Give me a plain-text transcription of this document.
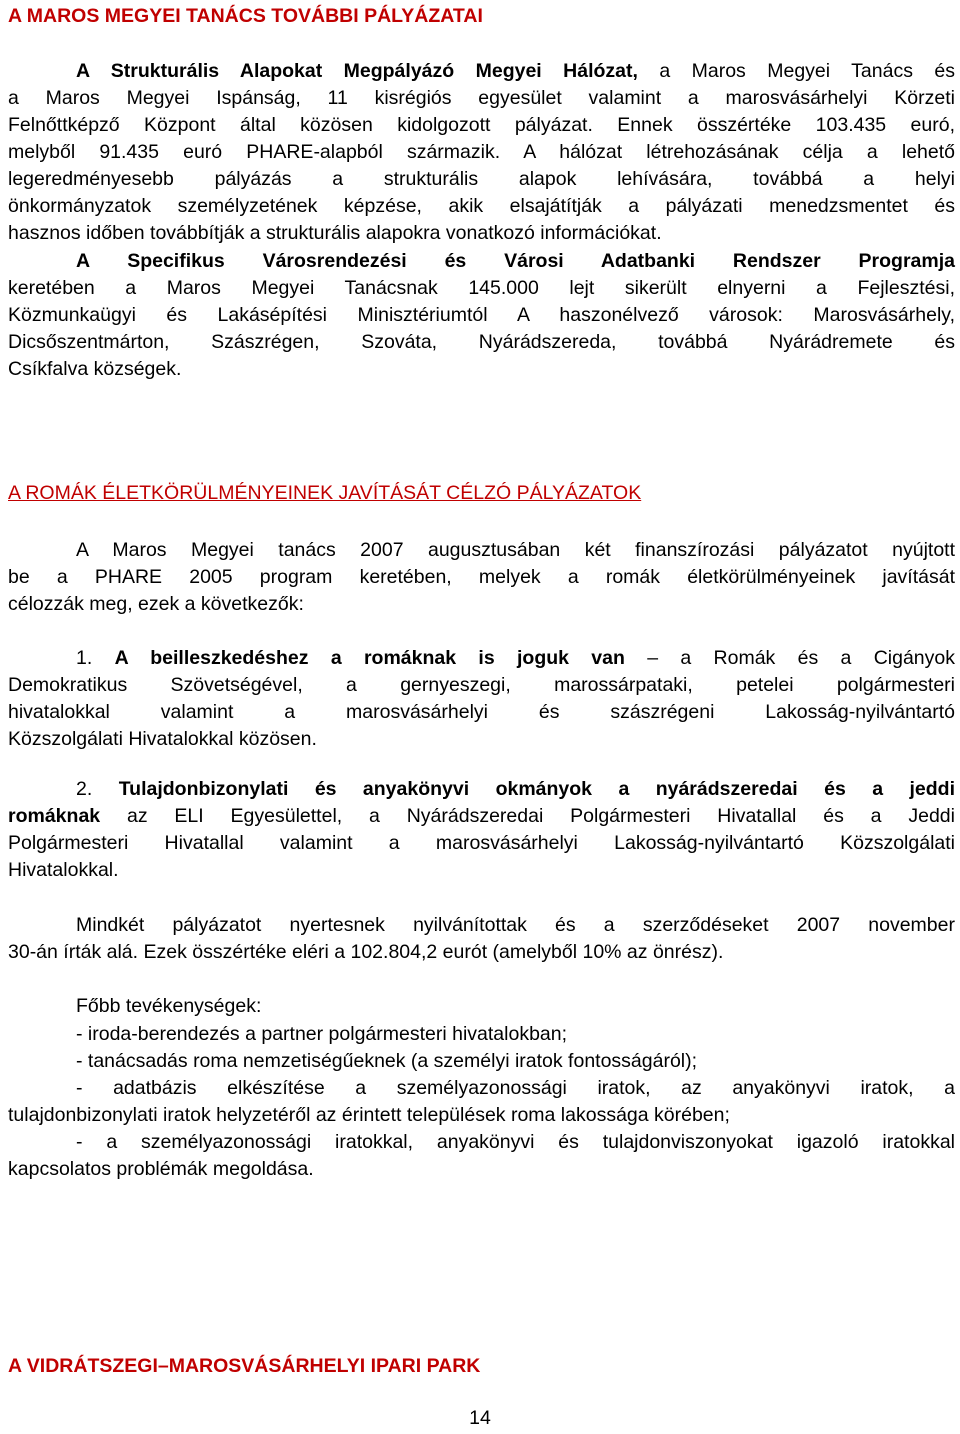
A MAROS MEGYEI TANÁCS TOVÁBBI PÁLYÁZATAI
A Strukturális Alapokat Megpályázó Megyei Hálózat, a Maros Megyei Tanács és
a Maros Megyei Ispánság, 11 kisrégiós egyesület valamint a marosvásárhelyi Körzeti
Felnőttképző Központ által közösen kidolgozott pályázat. Ennek összértéke 103.435 euró,
melyből 91.435 euró PHARE-alapból származik. A hálózat létrehozásának célja a lehető
legeredményesebb pályázás a strukturális alapok lehívására, továbbá a helyi
önkormányzatok személyzetének képzése, akik elsajátítják a pályázati menedzsmentet és
hasznos időben továbbítják a strukturális alapokra vonatkozó információkat.
A Specifikus Városrendezési és Városi Adatbanki Rendszer Programja
keretében a Maros Megyei Tanácsnak 145.000 lejt sikerült elnyerni a Fejlesztési,
Közmunkaügyi és Lakásépítési Minisztériumtól A haszonélvező városok: Marosvásárhely,
Dicsőszentmárton, Szászrégen, Szováta, Nyárádszereda, továbbá Nyárádremete és
Csíkfalva községek.
A ROMÁK ÉLETKÖRÜLMÉNYEINEK JAVÍTÁSÁT CÉLZÓ PÁLYÁZATOK
A Maros Megyei tanács 2007 augusztusában két finanszírozási pályázatot nyújtott
be a PHARE 2005 program keretében, melyek a romák életkörülményeinek javítását
célozzák meg, ezek a következők:
1. A beilleszkedéshez a romáknak is joguk van – a Romák és a Cigányok
Demokratikus Szövetségével, a gernyeszegi, marossárpataki, petelei polgármesteri
hivatalokkal valamint a marosvásárhelyi és szászrégeni Lakosság-nyilvántartó
Közszolgálati Hivatalokkal közösen.
2. Tulajdonbizonylati és anyakönyvi okmányok a nyárádszeredai és a jeddi
romáknak az ELI Egyesülettel, a Nyárádszeredai Polgármesteri Hivatallal és a Jeddi
Polgármesteri Hivatallal valamint a marosvásárhelyi Lakosság-nyilvántartó Közszolgálati
Hivatalokkal.
Mindkét pályázatot nyertesnek nyilvánítottak és a szerződéseket 2007 november
30-án írták alá. Ezek összértéke eléri a 102.804,2 eurót (amelyből 10% az önrész).
Főbb tevékenységek:
- iroda-berendezés a partner polgármesteri hivatalokban;
- tanácsadás roma nemzetiségűeknek (a személyi iratok fontosságáról);
- adatbázis elkészítése a személyazonossági iratok, az anyakönyvi iratok, a
tulajdonbizonylati iratok helyzetéről az érintett települések roma lakossága körében;
- a személyazonossági iratokkal, anyakönyvi és tulajdonviszonyokat igazoló iratokkal
kapcsolatos problémák megoldása.
A VIDRÁTSZEGI–MAROSVÁSÁRHELYI IPARI PARK
14
